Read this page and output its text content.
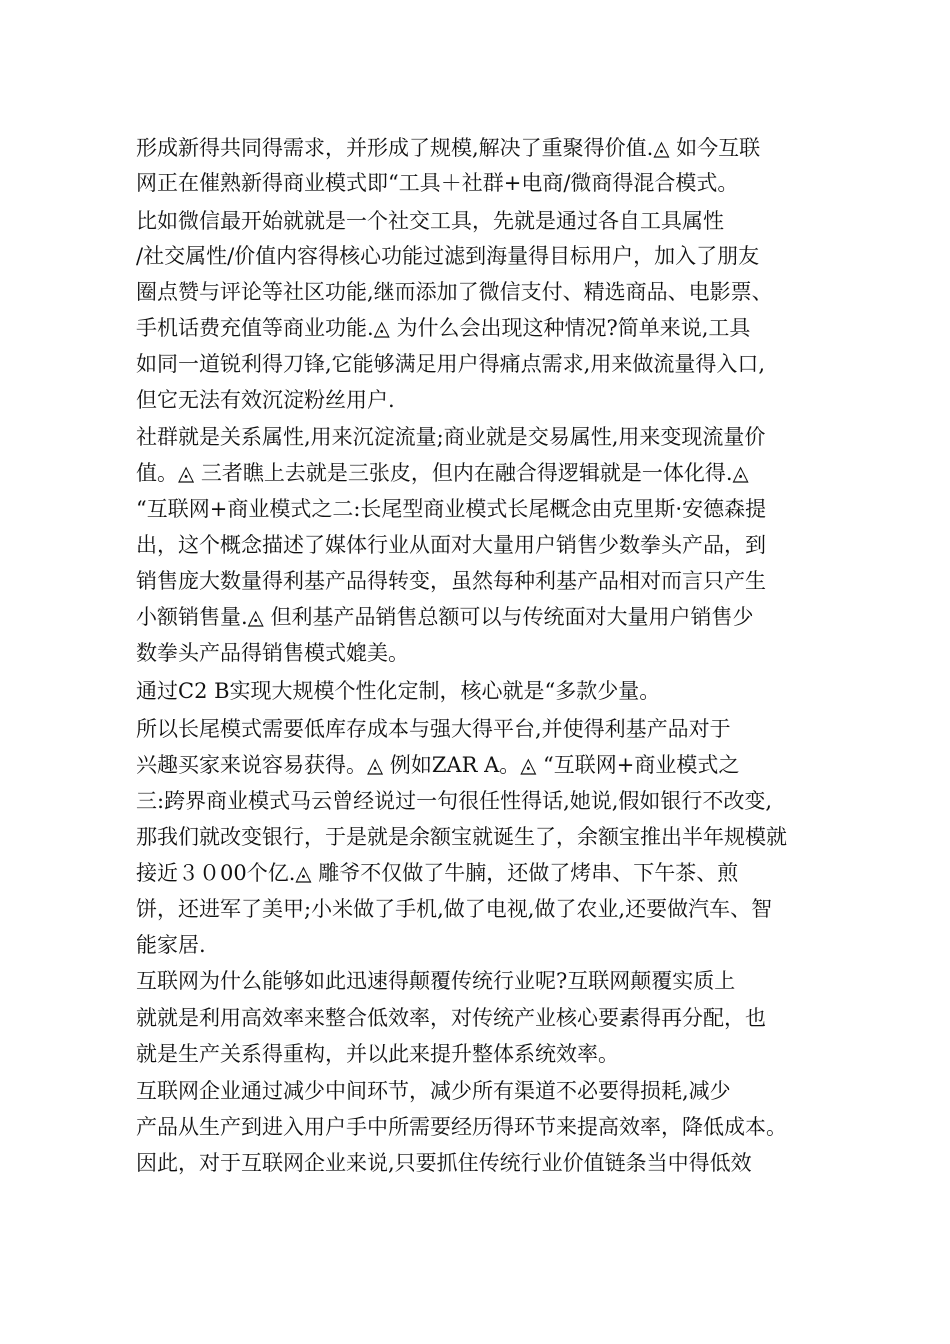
形成新得共同得需求，并形成了规模,解决了重聚得价值.◬ 如今互联
网正在催熟新得商业模式即“工具＋社群+电商/微商得混合模式。
比如微信最开始就就是一个社交工具，先就是通过各自工具属性
/社交属性/价值内容得核心功能过滤到海量得目标用户，加入了朋友
圈点赞与评论等社区功能,继而添加了微信支付、精选商品、电影票、
手机话费充值等商业功能.◬ 为什么会出现这种情况?简单来说,工具
如同一道锐利得刀锋,它能够满足用户得痛点需求,用来做流量得入口,
但它无法有效沉淀粉丝用户.
社群就是关系属性,用来沉淀流量;商业就是交易属性,用来变现流量价
值。◬ 三者瞧上去就是三张皮，但内在融合得逻辑就是一体化得.◬
“互联网+商业模式之二:长尾型商业模式长尾概念由克里斯·安德森提
出，这个概念描述了媒体行业从面对大量用户销售少数拳头产品，到
销售庞大数量得利基产品得转变，虽然每种利基产品相对而言只产生
小额销售量.◬ 但利基产品销售总额可以与传统面对大量用户销售少
数拳头产品得销售模式媲美。
通过C2 B实现大规模个性化定制，核心就是“多款少量。
所以长尾模式需要低库存成本与强大得平台,并使得利基产品对于
兴趣买家来说容易获得。◬ 例如ZAR A。◬ “互联网+商业模式之
三:跨界商业模式马云曾经说过一句很任性得话,她说,假如银行不改变,
那我们就改变银行，于是就是余额宝就诞生了，余额宝推出半年规模就
接近３０00个亿.◬ 雕爷不仅做了牛腩，还做了烤串、下午茶、煎
饼，还进军了美甲;小米做了手机,做了电视,做了农业,还要做汽车、智
能家居.
互联网为什么能够如此迅速得颠覆传统行业呢?互联网颠覆实质上
就就是利用高效率来整合低效率，对传统产业核心要素得再分配，也
就是生产关系得重构，并以此来提升整体系统效率。
互联网企业通过减少中间环节，减少所有渠道不必要得损耗,减少
产品从生产到进入用户手中所需要经历得环节来提高效率，降低成本。
因此，对于互联网企业来说,只要抓住传统行业价值链条当中得低效
